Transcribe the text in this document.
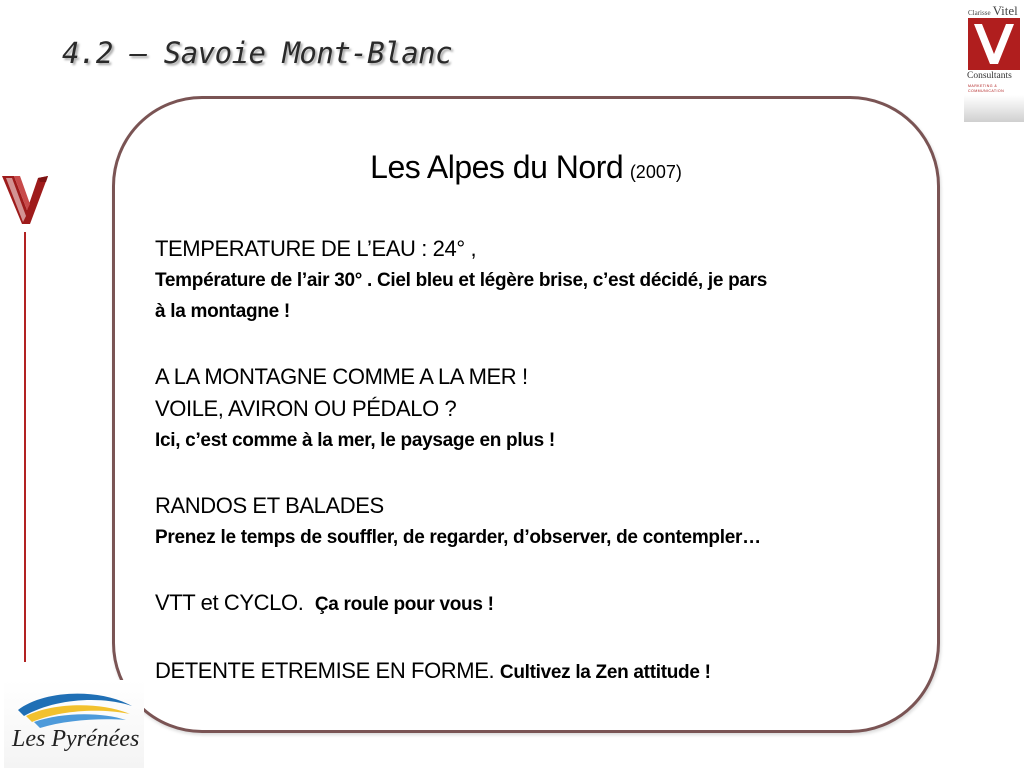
4.2 – Savoie Mont-Blanc
Clarisse Vitel
Consultants
MARKETING &
COMMUNICATION
Les Alpes du Nord (2007)
TEMPERATURE DE L’EAU : 24° ,
Température de l’air 30° . Ciel bleu et légère brise, c’est décidé, je pars
à la montagne !
A LA MONTAGNE COMME A LA MER !
VOILE, AVIRON OU PÉDALO ?
Ici, c’est comme à la mer, le paysage en plus !
RANDOS ET BALADES
Prenez le temps de souffler, de regarder, d’observer, de contempler…
VTT et CYCLO. Ça roule pour vous !
DETENTE ETREMISE EN FORME. Cultivez la Zen attitude !
Les Pyrénées
